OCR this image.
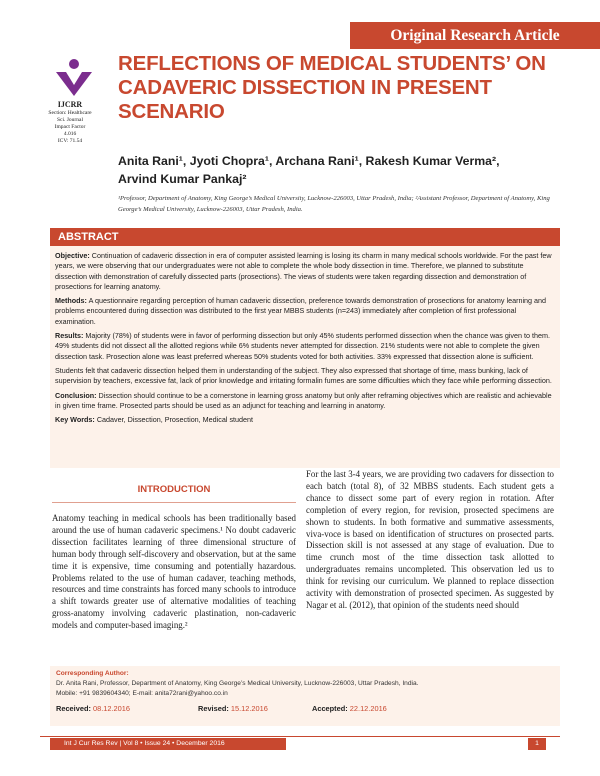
Original Research Article
IJCRR
Section: Healthcare
Sci. Journal
Impact Factor
4.016
ICV: 71.54
REFLECTIONS OF MEDICAL STUDENTS’ ON CADAVERIC DISSECTION IN PRESENT SCENARIO
Anita Rani¹, Jyoti Chopra¹, Archana Rani¹, Rakesh Kumar Verma²,
Arvind Kumar Pankaj²
¹Professor, Department of Anatomy, King George’s Medical University, Lucknow-226003, Uttar Pradesh, India; ²Assistant Professor, Department of Anatomy, King George’s Medical University, Lucknow-226003, Uttar Pradesh, India.
ABSTRACT

Objective: Continuation of cadaveric dissection in era of computer assisted learning is losing its charm in many medical schools worldwide. For the past few years, we were observing that our undergraduates were not able to complete the whole body dissection in time. Therefore, we planned to substitute dissection with demonstration of carefully dissected parts (prosections). The views of students were taken regarding dissection and demonstration of prosections for learning anatomy.

Methods: A questionnaire regarding perception of human cadaveric dissection, preference towards demonstration of prosections for anatomy learning and problems encountered during dissection was distributed to the first year MBBS students (n=243) immediately after completion of first professional examination.

Results: Majority (78%) of students were in favor of performing dissection but only 45% students performed dissection when the chance was given to them. 49% students did not dissect all the allotted regions while 6% students never attempted for dissection. 21% students were not able to complete the given dissection task. Prosection alone was least preferred whereas 50% students voted for both activities. 33% expressed that dissection alone is sufficient.

Students felt that cadaveric dissection helped them in understanding of the subject. They also expressed that shortage of time, mass bunking, lack of supervision by teachers, excessive fat, lack of prior knowledge and irritating formalin fumes are some difficulties which they face while performing dissection.

Conclusion: Dissection should continue to be a cornerstone in learning gross anatomy but only after reframing objectives which are realistic and achievable in given time frame. Prosected parts should be used as an adjunct for teaching and learning in anatomy.

Key Words: Cadaver, Dissection, Prosection, Medical student

INTRODUCTION
Anatomy teaching in medical schools has been traditionally based around the use of human cadaveric specimens.¹ No doubt cadaveric dissection facilitates learning of three dimensional structure of human body through self-discovery and observation, but at the same time it is expensive, time consuming and potentially hazardous. Problems related to the use of human cadaver, teaching methods, resources and time constraints has forced many schools to introduce a shift towards greater use of alternative modalities of teaching gross-anatomy involving cadaveric plastination, non-cadaveric models and computer-based imaging.²
For the last 3-4 years, we are providing two cadavers for dissection to each batch (total 8), of 32 MBBS students. Each student gets a chance to dissect some part of every region in rotation. After completion of every region, for revision, prosected specimens are shown to students. In both formative and summative assessments, viva-voce is based on identification of structures on prosected parts. Dissection skill is not assessed at any stage of evaluation. Due to time crunch most of the time dissection task allotted to undergraduates remains uncompleted. This observation led us to think for revising our curriculum. We planned to replace dissection activity with demonstration of prosected specimen. As suggested by Nagar et al. (2012), that opinion of the students need should
Corresponding Author:
Dr. Anita Rani, Professor, Department of Anatomy, King George’s Medical University, Lucknow-226003, Uttar Pradesh, India.
Mobile: +91 9839604340; E-mail: anita72rani@yahoo.co.in
Received: 08.12.2016	Revised: 15.12.2016	Accepted: 22.12.2016
Int J Cur Res Rev | Vol 8 • Issue 24 • December 2016	1
